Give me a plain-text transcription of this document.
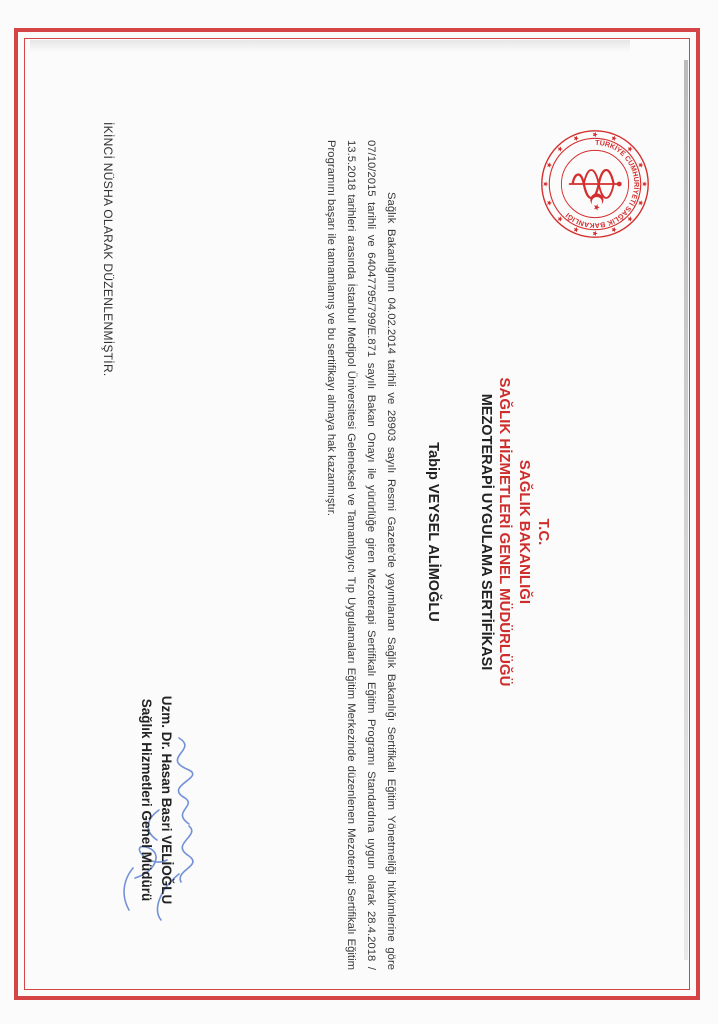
TÜRKİYE CUMHURİYETİ SAĞLIK BAKANLIĞI
T.C.
SAĞLIK BAKANLIĞI
SAĞLIK HİZMETLERİ GENEL MÜDÜRLÜĞÜ
MEZOTERAPİ UYGULAMA SERTİFİKASI
Tabip VEYSEL ALİMOĞLU
Sağlık Bakanlığının 04.02.2014 tarihli ve 28903 sayılı Resmi Gazete'de yayımlanan Sağlık Bakanlığı Sertifikalı Eğitim Yönetmeliği hükümlerine göre 07/10/2015 tarihli ve 64047795/799/E.871 sayılı Bakan Onayı ile yürürlüğe giren Mezoterapi Sertifikalı Eğitim Programı Standardına uygun olarak 28.4.2018 / 13.5.2018 tarihleri arasında İstanbul Medipol Üniversitesi Geleneksel ve Tamamlayıcı Tıp Uygulamaları Eğitim Merkezinde düzenlenen Mezoterapi Sertifikalı Eğitim Programını başarı ile tamamlamış ve bu sertifikayı almaya hak kazanmıştır.
Uzm. Dr. Hasan Basri VELİOĞLU
Sağlık Hizmetleri Genel Müdürü
İKİNCİ NÜSHA OLARAK DÜZENLENMİŞTİR.
